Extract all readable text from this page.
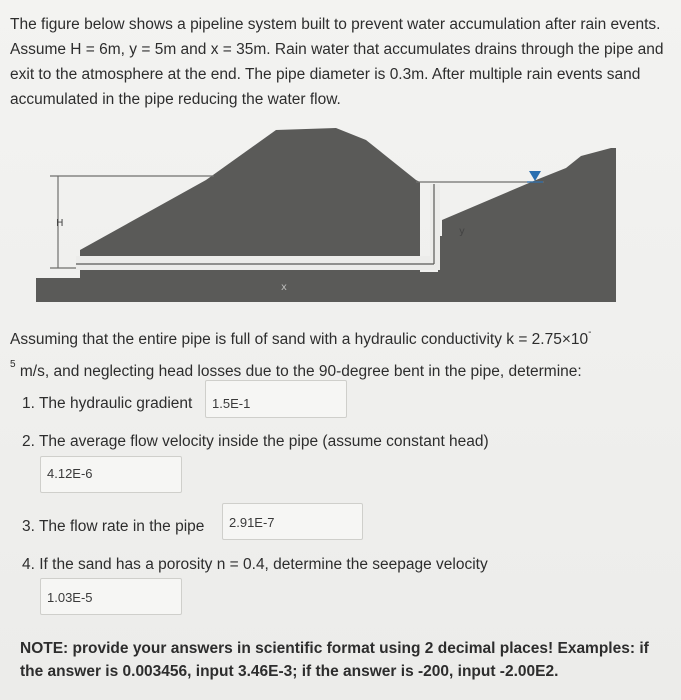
The figure below shows a pipeline system built to prevent water accumulation after rain events. Assume H = 6m, y = 5m and x = 35m. Rain water that accumulates drains through the pipe and exit to the atmosphere at the end. The pipe diameter is 0.3m. After multiple rain events sand accumulated in the pipe reducing the water flow.
H
y
x
Assuming that the entire pipe is full of sand with a hydraulic conductivity k = 2.75×10-
$^5$ m/s, and neglecting head losses due to the 90-degree bent in the pipe, determine:
1. The hydraulic gradient	1.5E-1
2. The average flow velocity inside the pipe (assume constant head)
4.12E-6
3. The flow rate in the pipe	2.91E-7
4. If the sand has a porosity n = 0.4, determine the seepage velocity
1.03E-5
NOTE: provide your answers in scientific format using 2 decimal places! Examples: if the answer is 0.003456, input 3.46E-3; if the answer is -200, input -2.00E2.
